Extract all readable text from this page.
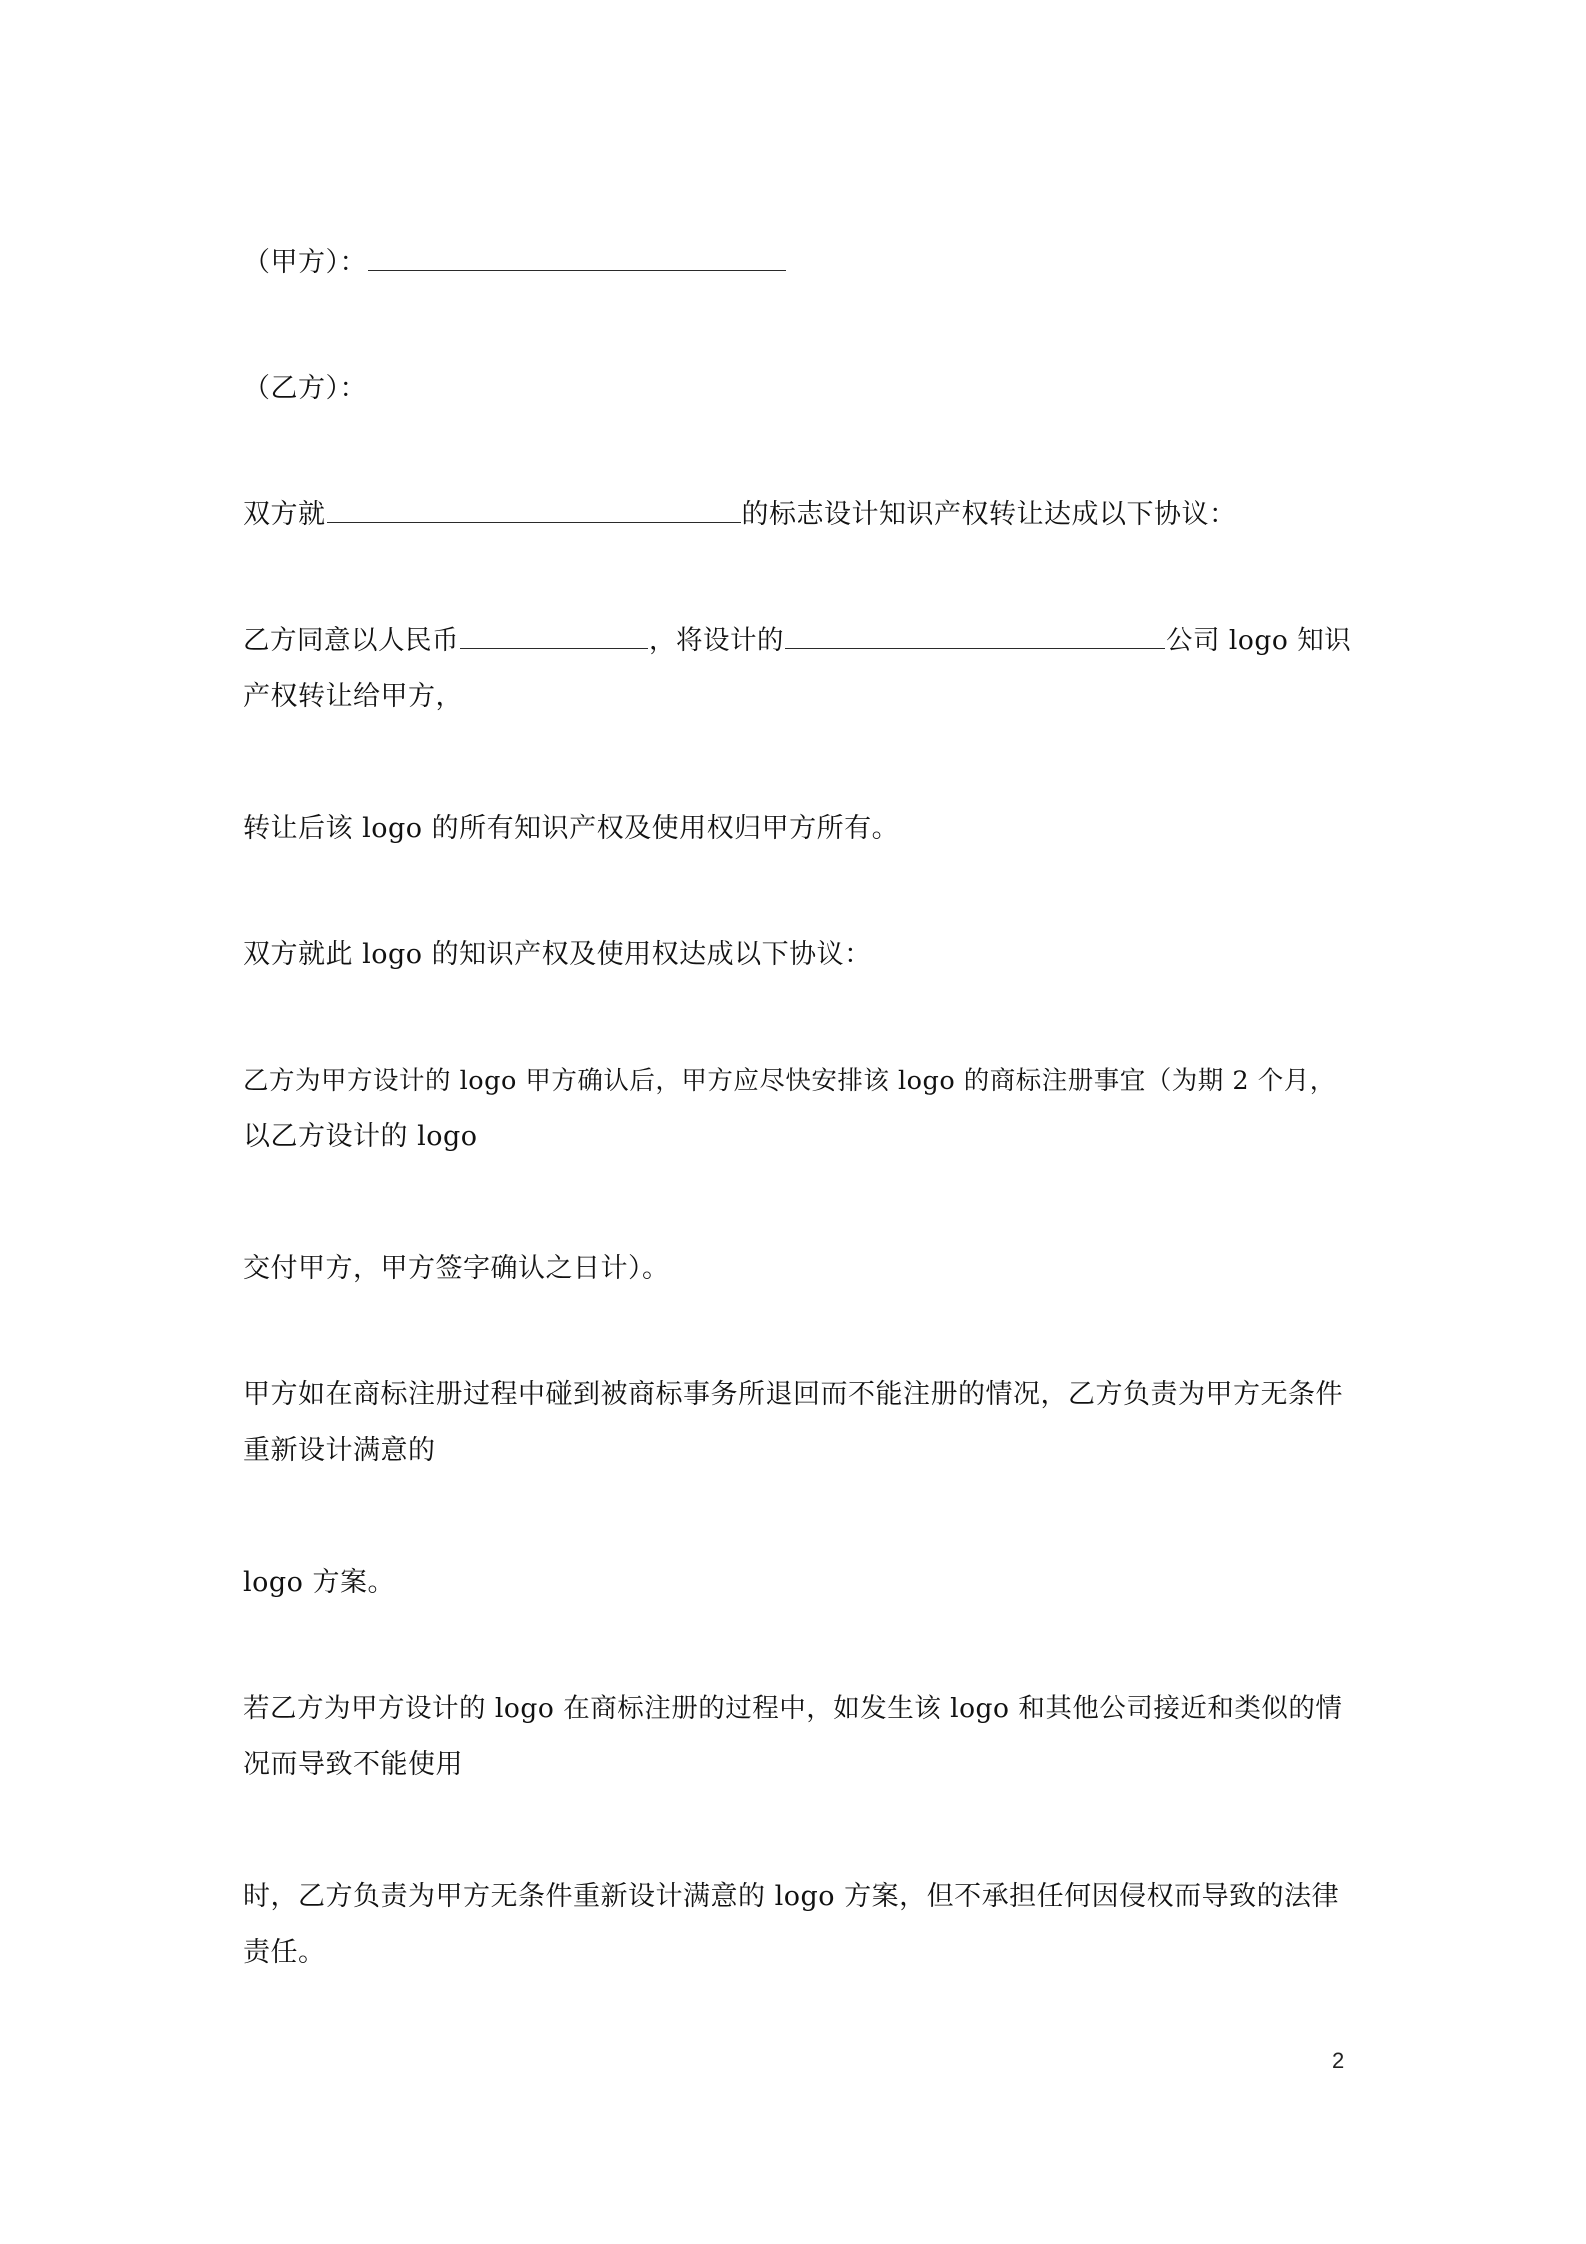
（甲方）：
（乙方）：
双方就	的标志设计知识产权转让达成以下协议：
乙方同意以人民币	，将设计的	公司 logo 知识
产权转让给甲方，
转让后该 logo 的所有知识产权及使用权归甲方所有。
双方就此 logo 的知识产权及使用权达成以下协议：
乙方为甲方设计的 logo 甲方确认后，甲方应尽快安排该 logo 的商标注册事宜（为期 2 个月，
以乙方设计的 logo
交付甲方，甲方签字确认之日计）。
甲方如在商标注册过程中碰到被商标事务所退回而不能注册的情况，乙方负责为甲方无条件
重新设计满意的
logo 方案。
若乙方为甲方设计的 logo 在商标注册的过程中，如发生该 logo 和其他公司接近和类似的情
况而导致不能使用
时，乙方负责为甲方无条件重新设计满意的 logo 方案，但不承担任何因侵权而导致的法律
责任。
2
